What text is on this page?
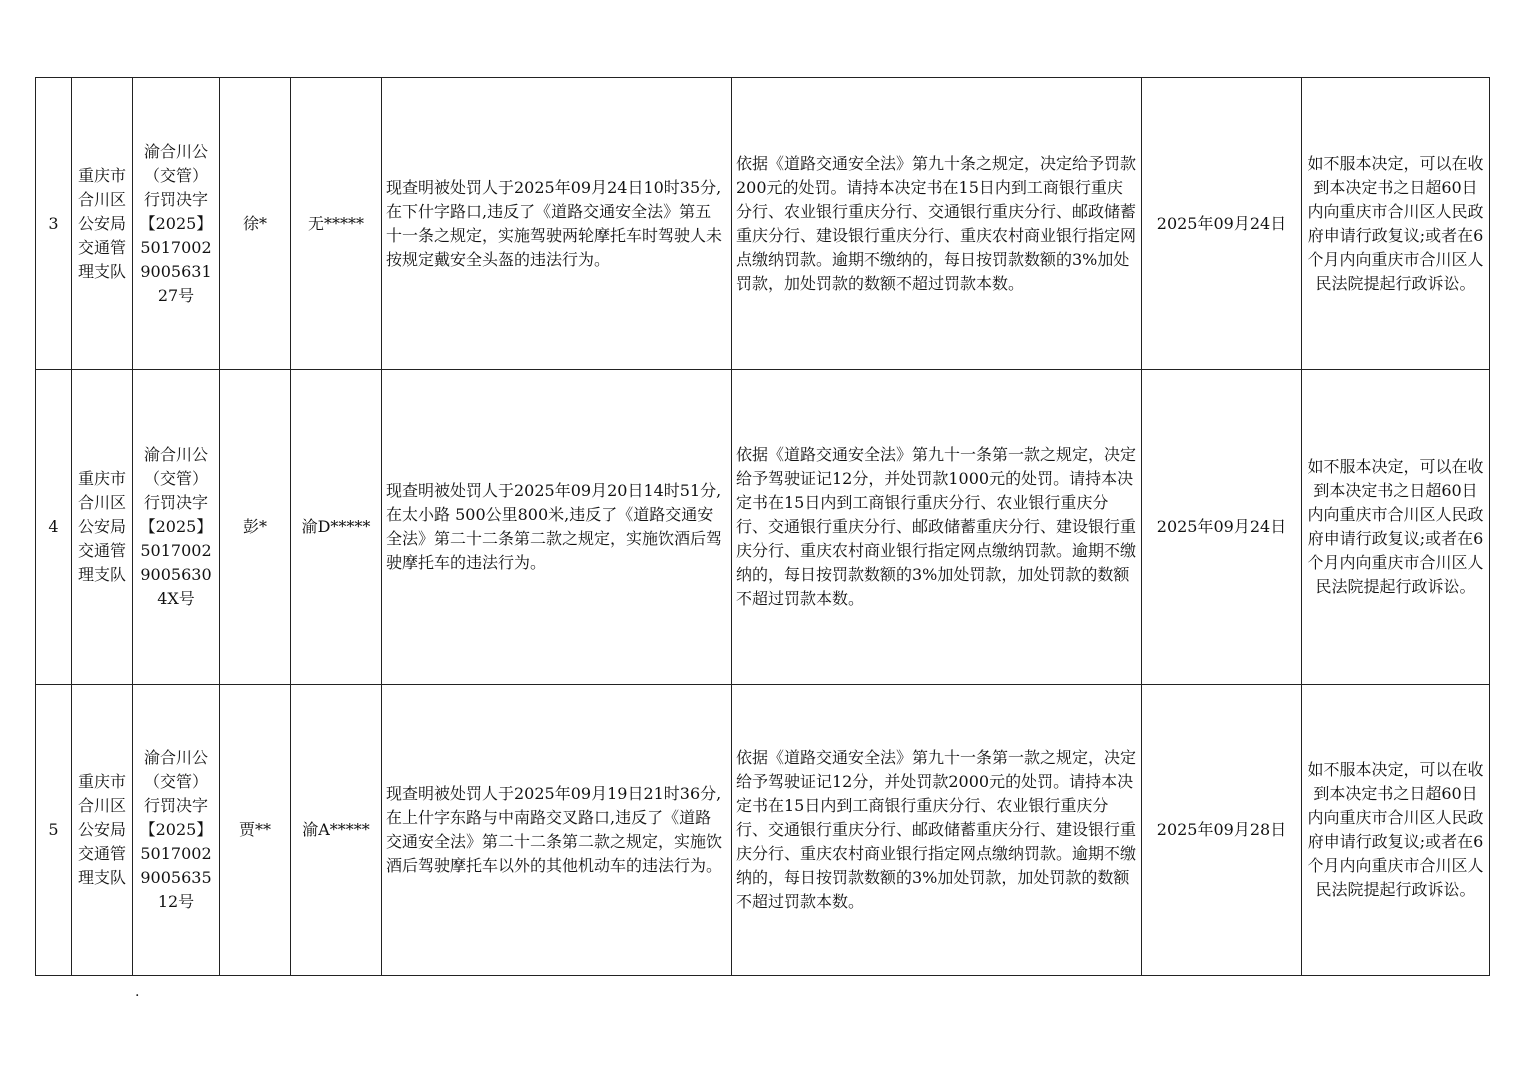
3	重庆市合川区公安局交通管理支队	渝合川公（交管）行罚决字【2025】5017002900563127号	徐*	无*****	现查明被处罚人于2025年09月24日10时35分,在下什字路口,违反了《道路交通安全法》第五十一条之规定，实施驾驶两轮摩托车时驾驶人未按规定戴安全头盔的违法行为。	依据《道路交通安全法》第九十条之规定，决定给予罚款200元的处罚。请持本决定书在15日内到工商银行重庆分行、农业银行重庆分行、交通银行重庆分行、邮政储蓄重庆分行、建设银行重庆分行、重庆农村商业银行指定网点缴纳罚款。逾期不缴纳的，每日按罚款数额的3%加处罚款，加处罚款的数额不超过罚款本数。	2025年09月24日	如不服本决定，可以在收到本决定书之日超60日内向重庆市合川区人民政府申请行政复议;或者在6个月内向重庆市合川区人民法院提起行政诉讼。
4	重庆市合川区公安局交通管理支队	渝合川公（交管）行罚决字【2025】501700290056304X号	彭*	渝D*****	现查明被处罚人于2025年09月20日14时51分,在太小路 500公里800米,违反了《道路交通安全法》第二十二条第二款之规定，实施饮酒后驾驶摩托车的违法行为。	依据《道路交通安全法》第九十一条第一款之规定，决定给予驾驶证记12分，并处罚款1000元的处罚。请持本决定书在15日内到工商银行重庆分行、农业银行重庆分行、交通银行重庆分行、邮政储蓄重庆分行、建设银行重庆分行、重庆农村商业银行指定网点缴纳罚款。逾期不缴纳的，每日按罚款数额的3%加处罚款，加处罚款的数额不超过罚款本数。	2025年09月24日	如不服本决定，可以在收到本决定书之日超60日内向重庆市合川区人民政府申请行政复议;或者在6个月内向重庆市合川区人民法院提起行政诉讼。
5	重庆市合川区公安局交通管理支队	渝合川公（交管）行罚决字【2025】5017002900563512号	贾**	渝A*****	现查明被处罚人于2025年09月19日21时36分,在上什字东路与中南路交叉路口,违反了《道路交通安全法》第二十二条第二款之规定，实施饮酒后驾驶摩托车以外的其他机动车的违法行为。	依据《道路交通安全法》第九十一条第一款之规定，决定给予驾驶证记12分，并处罚款2000元的处罚。请持本决定书在15日内到工商银行重庆分行、农业银行重庆分行、交通银行重庆分行、邮政储蓄重庆分行、建设银行重庆分行、重庆农村商业银行指定网点缴纳罚款。逾期不缴纳的，每日按罚款数额的3%加处罚款，加处罚款的数额不超过罚款本数。	2025年09月28日	如不服本决定，可以在收到本决定书之日超60日内向重庆市合川区人民政府申请行政复议;或者在6个月内向重庆市合川区人民法院提起行政诉讼。
.
